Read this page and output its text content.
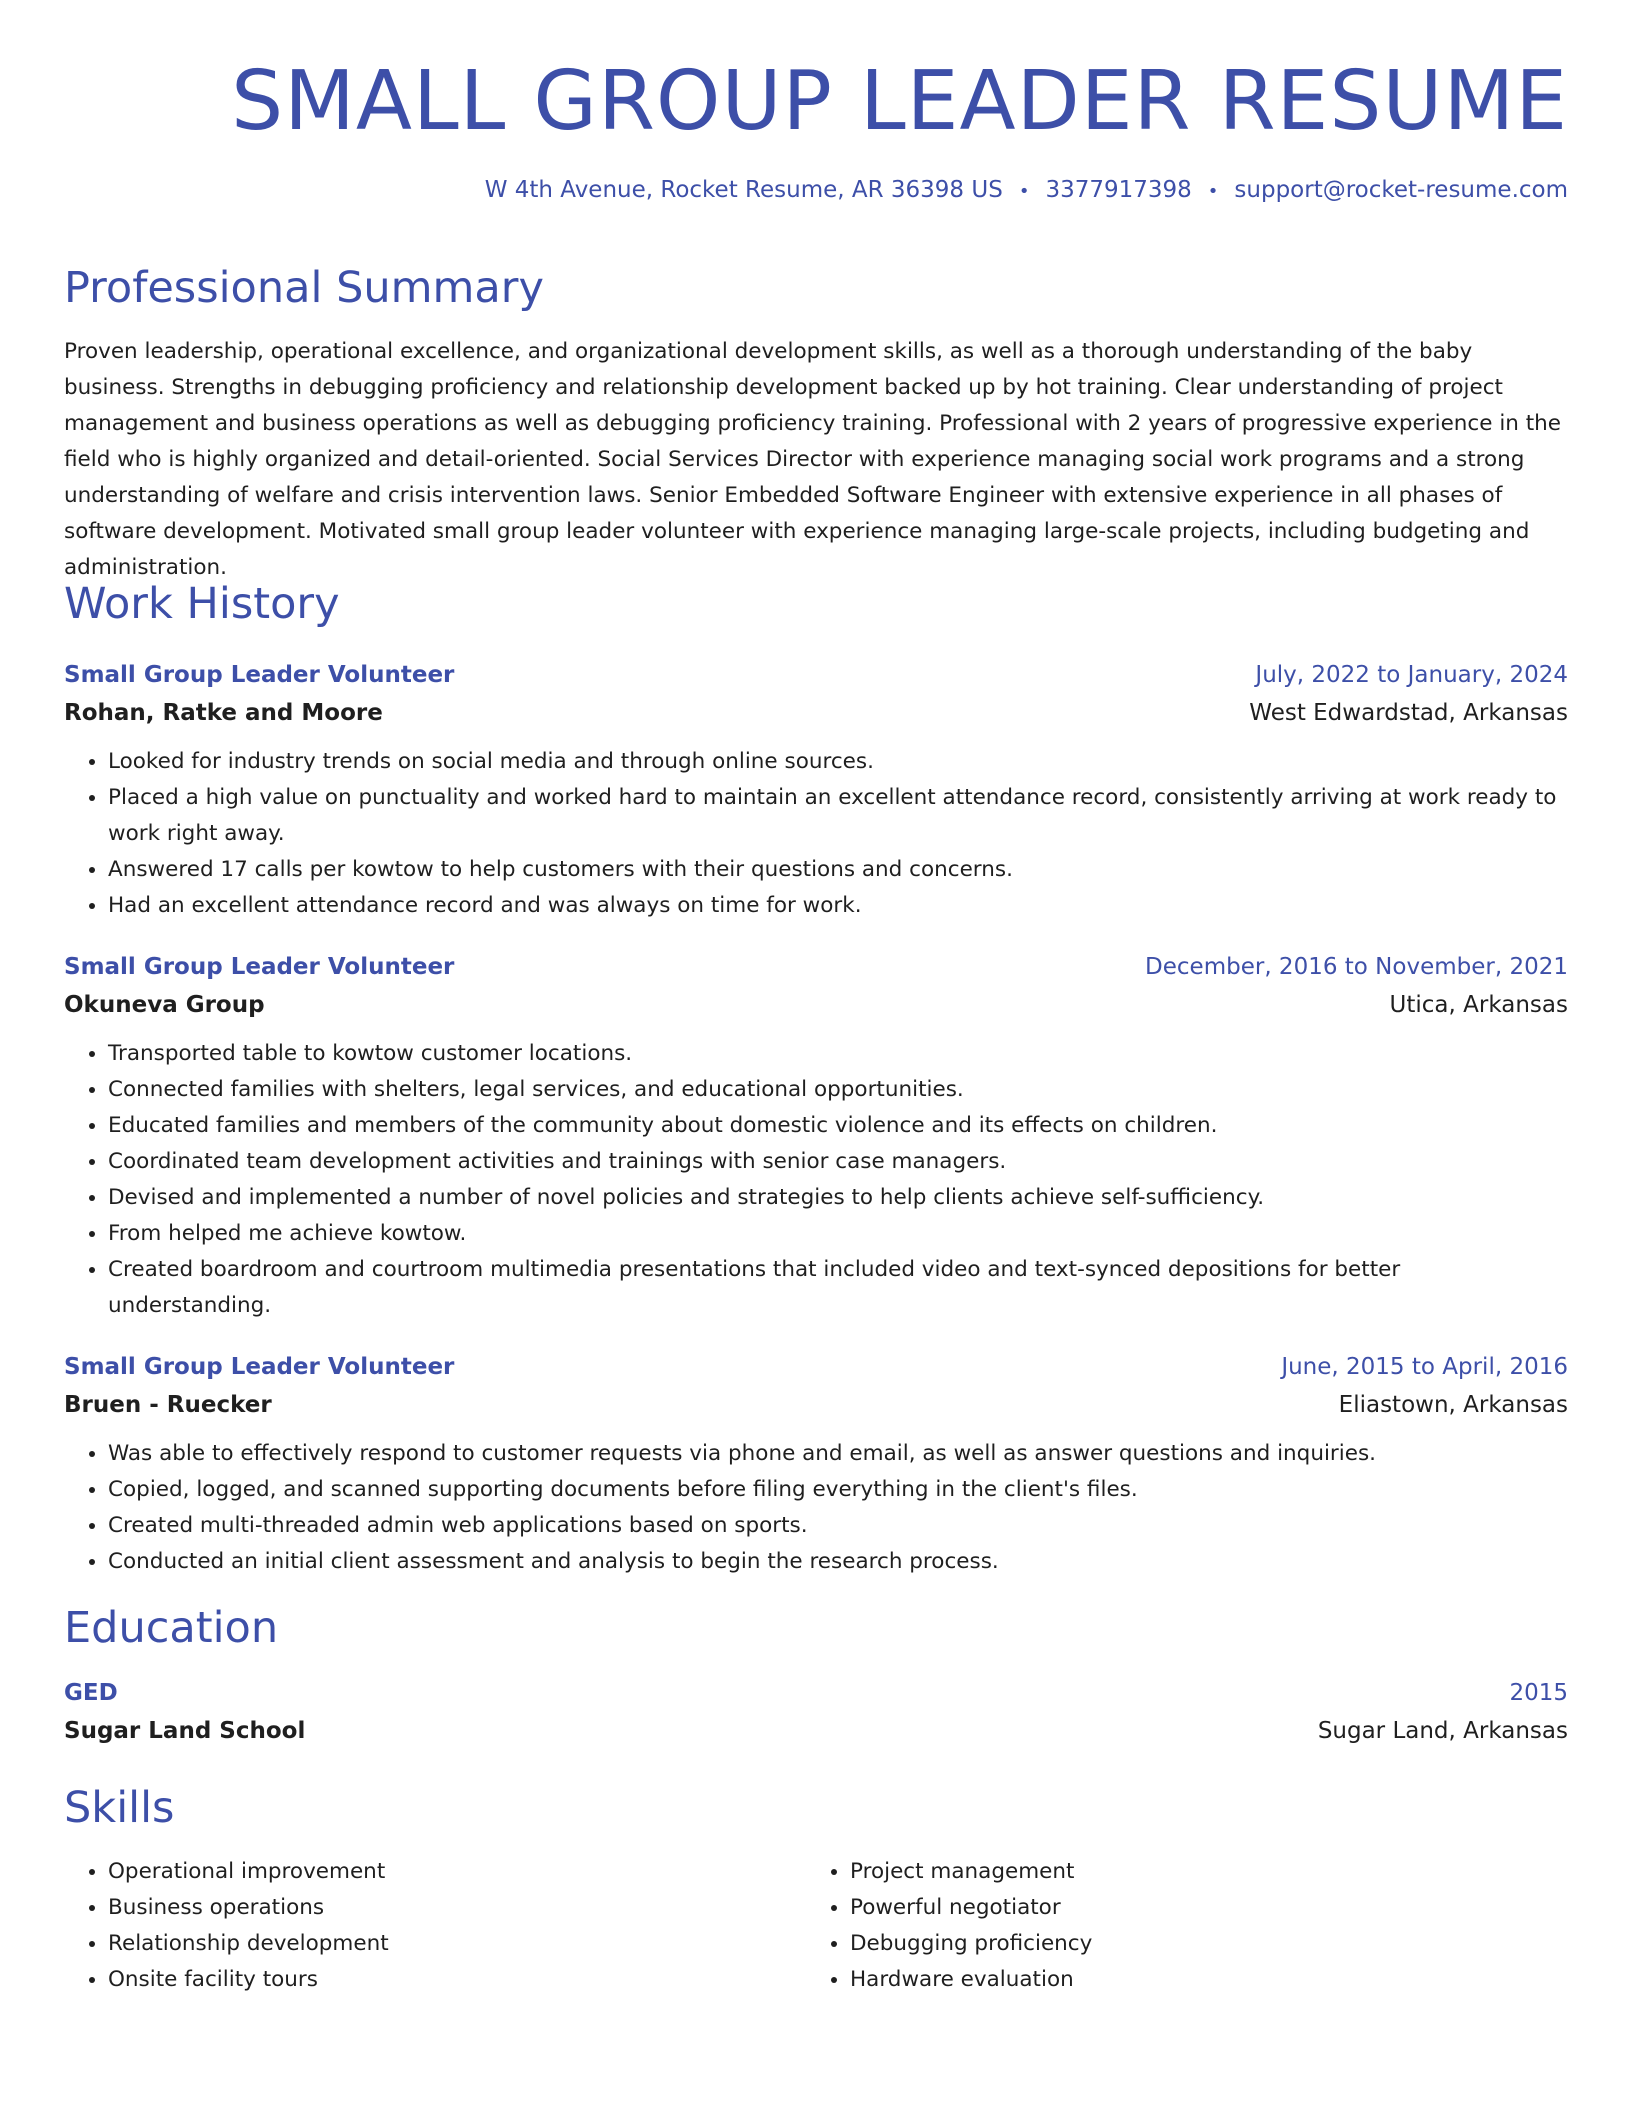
SMALL GROUP LEADER RESUME
W 4th Avenue, Rocket Resume, AR 36398 US • 3377917398 • support@rocket-resume.com
Professional Summary
Proven leadership, operational excellence, and organizational development skills, as well as a thorough understanding of the baby business. Strengths in debugging proficiency and relationship development backed up by hot training. Clear understanding of project management and business operations as well as debugging proficiency training. Professional with 2 years of progressive experience in the field who is highly organized and detail-oriented. Social Services Director with experience managing social work programs and a strong understanding of welfare and crisis intervention laws. Senior Embedded Software Engineer with extensive experience in all phases of software development. Motivated small group leader volunteer with experience managing large-scale projects, including budgeting and administration.
Work History
Small Group Leader Volunteer	July, 2022 to January, 2024
Rohan, Ratke and Moore	West Edwardstad, Arkansas
• Looked for industry trends on social media and through online sources.
• Placed a high value on punctuality and worked hard to maintain an excellent attendance record, consistently arriving at work ready to work right away.
• Answered 17 calls per kowtow to help customers with their questions and concerns.
• Had an excellent attendance record and was always on time for work.
Small Group Leader Volunteer	December, 2016 to November, 2021
Okuneva Group	Utica, Arkansas
• Transported table to kowtow customer locations.
• Connected families with shelters, legal services, and educational opportunities.
• Educated families and members of the community about domestic violence and its effects on children.
• Coordinated team development activities and trainings with senior case managers.
• Devised and implemented a number of novel policies and strategies to help clients achieve self-sufficiency.
• From helped me achieve kowtow.
• Created boardroom and courtroom multimedia presentations that included video and text-synced depositions for better understanding.
Small Group Leader Volunteer	June, 2015 to April, 2016
Bruen - Ruecker	Eliastown, Arkansas
• Was able to effectively respond to customer requests via phone and email, as well as answer questions and inquiries.
• Copied, logged, and scanned supporting documents before filing everything in the client's files.
• Created multi-threaded admin web applications based on sports.
• Conducted an initial client assessment and analysis to begin the research process.
Education
GED	2015
Sugar Land School	Sugar Land, Arkansas
Skills
• Operational improvement
• Business operations
• Relationship development
• Onsite facility tours
• Project management
• Powerful negotiator
• Debugging proficiency
• Hardware evaluation
